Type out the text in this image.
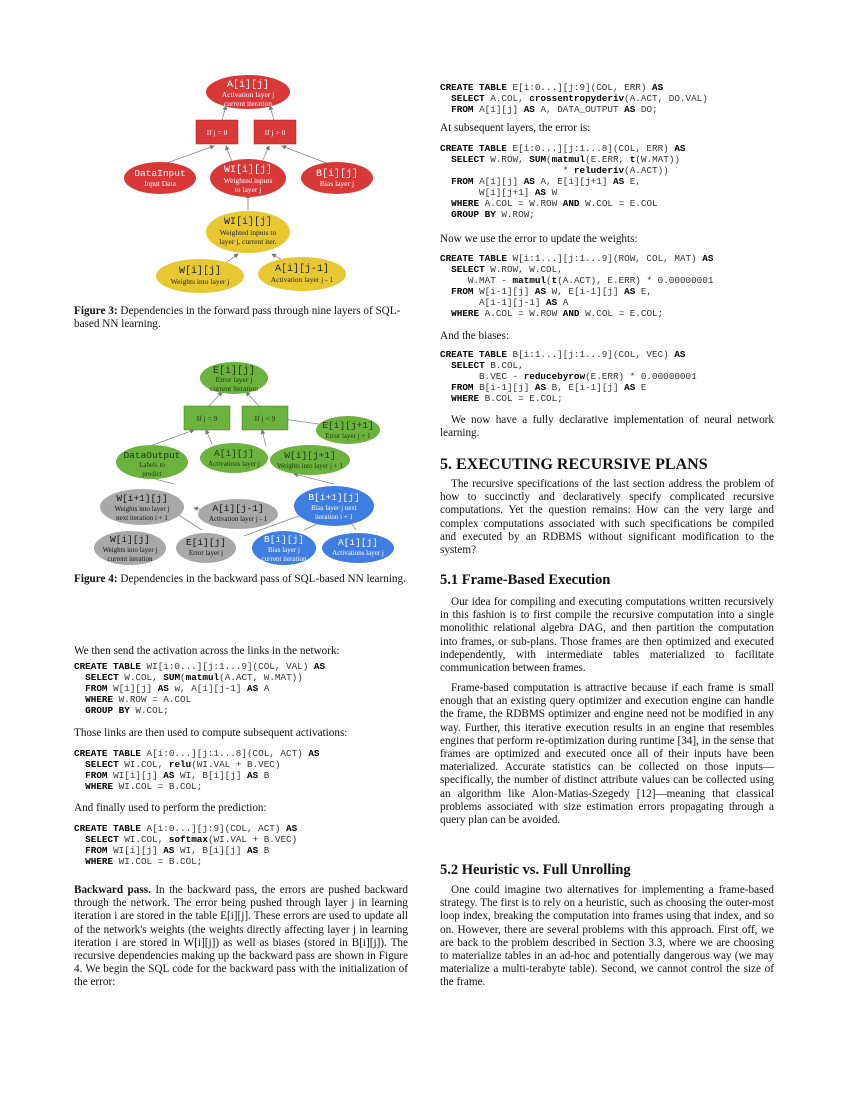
A[i][j]
Activation layer j
current iteration
If j = 0	If j > 0
DataInput
Input Data
WI[i][j]
Weighted inputs
to layer j
B[i][j]
Bias layer j
WI[i][j]
Weighted inputs to
layer j, current iter.
W[i][j]
Weights into layer j
A[i][j-1]
Activation layer j - 1

Figure 3: Dependencies in the forward pass through nine layers of SQL-based NN learning.

E[i][j]
Error layer j
current iteration
If j = 9	If j < 9
E[i][j+1]
Error layer j + 1
DataOutput
Labels to
predict
A[i][j]
Activations layer j
W[i][j+1]
Weights into layer j + 1
W[i+1][j]
Weights into layer j
next iteration i + 1
A[i][j-1]
Activation layer j - 1
B[i+1][j]
Bias layer j next
iteration i + 1
W[i][j]
Weights into layer j
current iteration
E[i][j]
Error layer j
B[i][j]
Bias layer j
current iteration
A[i][j]
Activations layer j

Figure 4: Dependencies in the backward pass of SQL-based NN learning.

We then send the activation across the links in the network:

CREATE TABLE WI[i:0...][j:1...9](COL, VAL) AS
SELECT W.COL, SUM(matmul(A.ACT, W.MAT))
FROM W[i][j] AS w, A[i][j-1] AS A
WHERE W.ROW = A.COL
GROUP BY W.COL;

Those links are then used to compute subsequent activations:

CREATE TABLE A[i:0...][j:1...8](COL, ACT) AS
SELECT WI.COL, relu(WI.VAL + B.VEC)
FROM WI[i][j] AS WI, B[i][j] AS B
WHERE WI.COL = B.COL;

And finally used to perform the prediction:

CREATE TABLE A[i:0...][j:9](COL, ACT) AS
SELECT WI.COL, softmax(WI.VAL + B.VEC)
FROM WI[i][j] AS WI, B[i][j] AS B
WHERE WI.COL = B.COL;

Backward pass. In the backward pass, the errors are pushed backward through the network. The error being pushed through layer j in learning iteration i are stored in the table E[i][j]. These errors are used to update all of the network's weights (the weights directly affecting layer j in learning iteration i are stored in W[i][j]) as well as biases (stored in B[i][j]). The recursive dependencies making up the backward pass are shown in Figure 4. We begin the SQL code for the backward pass with the initialization of the error:

CREATE TABLE E[i:0...][j:9](COL, ERR) AS
SELECT A.COL, crossentropyderiv(A.ACT, DO.VAL)
FROM A[i][j] AS A, DATA_OUTPUT AS DO;

At subsequent layers, the error is:

CREATE TABLE E[i:0...][j:1...8](COL, ERR) AS
SELECT W.ROW, SUM(matmul(E.ERR, t(W.MAT))
* reluderiv(A.ACT))
FROM A[i][j] AS A, E[i][j+1] AS E,
W[i][j+1] AS W
WHERE A.COL = W.ROW AND W.COL = E.COL
GROUP BY W.ROW;

Now we use the error to update the weights:

CREATE TABLE W[i:1...][j:1...9](ROW, COL, MAT) AS
SELECT W.ROW, W.COL,
W.MAT - matmul(t(A.ACT), E.ERR) * 0.00000001
FROM W[i-1][j] AS W, E[i-1][j] AS E,
A[i-1][j-1] AS A
WHERE A.COL = W.ROW AND W.COL = E.COL;

And the biases:

CREATE TABLE B[i:1...][j:1...9](COL, VEC) AS
SELECT B.COL,
B.VEC - reducebyrow(E.ERR) * 0.00000001
FROM B[i-1][j] AS B, E[i-1][j] AS E
WHERE B.COL = E.COL;

We now have a fully declarative implementation of neural network learning.

5. EXECUTING RECURSIVE PLANS

The recursive specifications of the last section address the problem of how to succinctly and declaratively specify complicated recursive computations. Yet the question remains: How can the very large and complex computations associated with such specifications be compiled and executed by an RDBMS without significant modification to the system?

5.1 Frame-Based Execution

Our idea for compiling and executing computations written recursively in this fashion is to first compile the recursive computation into a single monolithic relational algebra DAG, and then partition the computation into frames, or sub-plans. Those frames are then optimized and executed independently, with intermediate tables materialized to facilitate communication between frames.

Frame-based computation is attractive because if each frame is small enough that an existing query optimizer and execution engine can handle the frame, the RDBMS optimizer and engine need not be modified in any way. Further, this iterative execution results in an engine that resembles engines that perform re-optimization during runtime [34], in the sense that frames are optimized and executed once all of their inputs have been materialized. Accurate statistics can be collected on those inputs—specifically, the number of distinct attribute values can be collected using an algorithm like Alon-Matias-Szegedy [12]—meaning that classical problems associated with size estimation errors propagating through a query plan can be avoided.

5.2 Heuristic vs. Full Unrolling

One could imagine two alternatives for implementing a frame-based strategy. The first is to rely on a heuristic, such as choosing the outer-most loop index, breaking the computation into frames using that index, and so on. However, there are several problems with this approach. First off, we are back to the problem described in Section 3.3, where we are choosing to materialize tables in an ad-hoc and potentially dangerous way (we may materialize a multi-terabyte table). Second, we cannot control the size of the frame.
